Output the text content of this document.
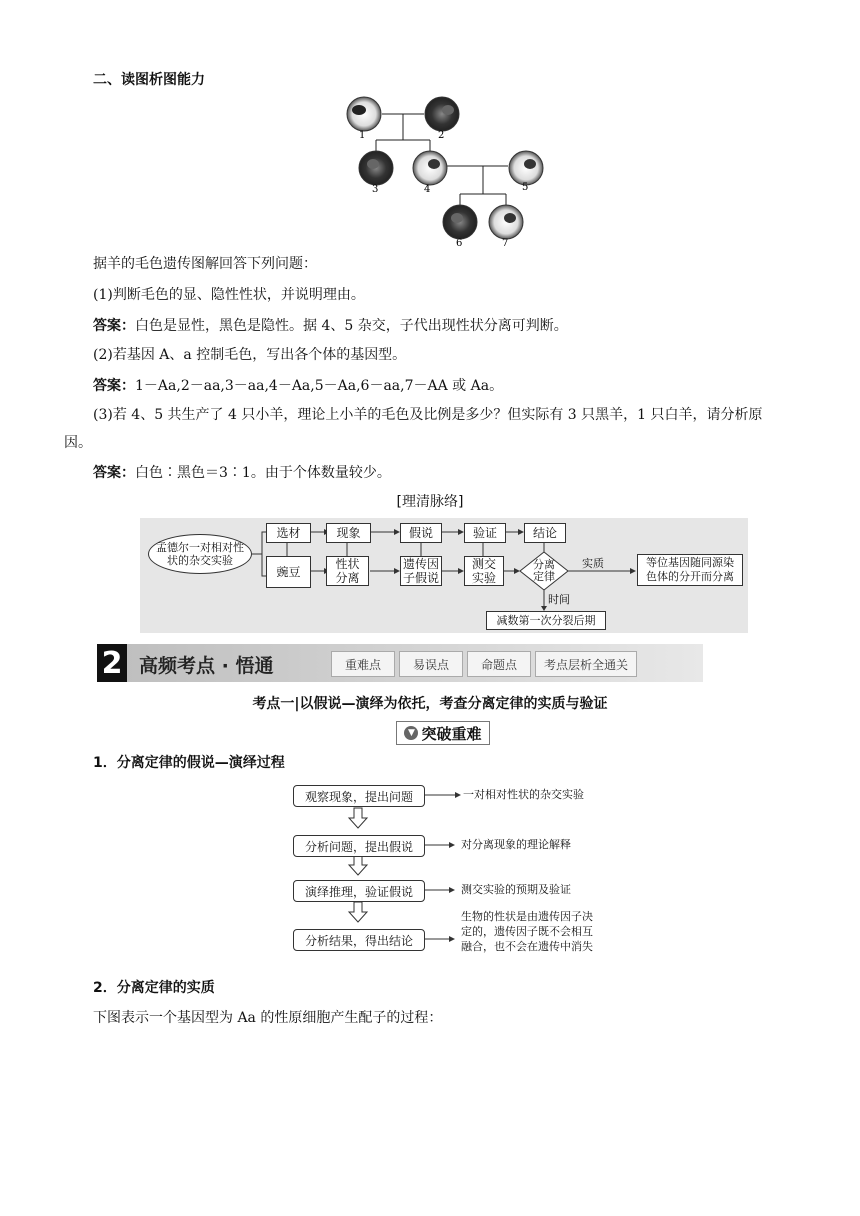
二、读图析图能力
1	2
3	4	5
6	7
据羊的毛色遗传图解回答下列问题：
(1)判断毛色的显、隐性性状，并说明理由。
答案：白色是显性，黑色是隐性。据 4、5 杂交，子代出现性状分离可判断。
(2)若基因 A、a 控制毛色，写出各个体的基因型。
答案：1－Aa,2－aa,3－aa,4－Aa,5－Aa,6－aa,7－AA 或 Aa。
(3)若 4、5 共生产了 4 只小羊，理论上小羊的毛色及比例是多少？但实际有 3 只黑羊，1 只白羊，请分析原
因。
答案：白色∶黑色＝3∶1。由于个体数量较少。
[理清脉络]
孟德尔一对相对性状的杂交实验
选材	现象	假说	验证	结论
豌豆
性状分离
遗传因子假说
测交实验
分离定律
实质	等位基因随同源染色体的分开而分离
时间
减数第一次分裂后期
2 高频考点 · 悟通	重难点	易误点	命题点	考点层析全通关
考点一|以假说—演绎为依托，考查分离定律的实质与验证
▼ 突破重难
1．分离定律的假说—演绎过程
观察现象，提出问题
分析问题，提出假说
演绎推理，验证假说
分析结果，得出结论
一对相对性状的杂交实验
对分离现象的理论解释
测交实验的预期及验证
生物的性状是由遗传因子决定的，遗传因子既不会相互融合，也不会在遗传中消失
2．分离定律的实质
下图表示一个基因型为 Aa 的性原细胞产生配子的过程：
